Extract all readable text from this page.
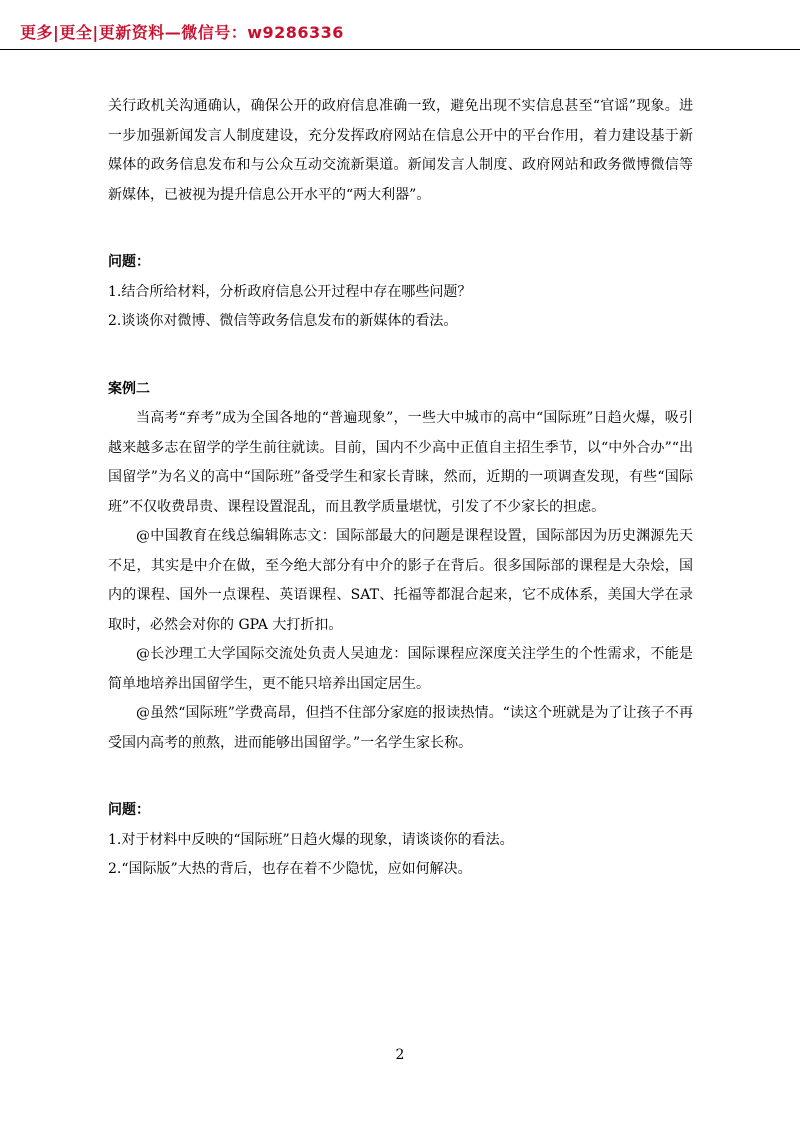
更多|更全|更新资料—微信号：w9286336

关行政机关沟通确认，确保公开的政府信息准确一致，避免出现不实信息甚至“官谣”现象。进一步加强新闻发言人制度建设，充分发挥政府网站在信息公开中的平台作用，着力建设基于新媒体的政务信息发布和与公众互动交流新渠道。新闻发言人制度、政府网站和政务微博微信等新媒体，已被视为提升信息公开水平的“两大利器”。

问题：

1.结合所给材料，分析政府信息公开过程中存在哪些问题？

2.谈谈你对微博、微信等政务信息发布的新媒体的看法。

案例二

当高考“弃考”成为全国各地的“普遍现象”，一些大中城市的高中“国际班”日趋火爆，吸引越来越多志在留学的学生前往就读。目前，国内不少高中正值自主招生季节，以“中外合办”“出国留学”为名义的高中“国际班”备受学生和家长青睐，然而，近期的一项调查发现，有些“国际班”不仅收费昂贵、课程设置混乱，而且教学质量堪忧，引发了不少家长的担虑。

@中国教育在线总编辑陈志文：国际部最大的问题是课程设置，国际部因为历史渊源先天不足，其实是中介在做，至今绝大部分有中介的影子在背后。很多国际部的课程是大杂烩，国内的课程、国外一点课程、英语课程、SAT、托福等都混合起来，它不成体系，美国大学在录取时，必然会对你的 GPA 大打折扣。

@长沙理工大学国际交流处负责人吴迪龙：国际课程应深度关注学生的个性需求，不能是简单地培养出国留学生，更不能只培养出国定居生。

@虽然“国际班”学费高昂，但挡不住部分家庭的报读热情。“读这个班就是为了让孩子不再受国内高考的煎熬，进而能够出国留学。”一名学生家长称。

问题：

1.对于材料中反映的“国际班”日趋火爆的现象，请谈谈你的看法。

2.“国际版”大热的背后，也存在着不少隐忧，应如何解决。

2
